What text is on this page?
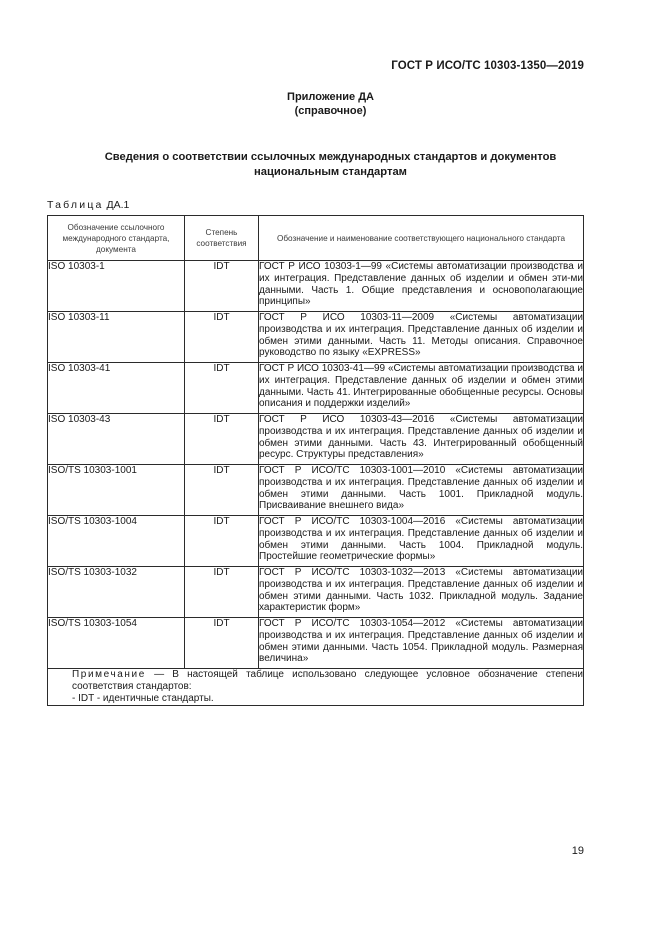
ГОСТ Р ИСО/ТС 10303-1350—2019
Приложение ДА
(справочное)
Сведения о соответствии ссылочных международных стандартов и документов
национальным стандартам
Таблица ДА.1
Обозначение ссылочного международного стандарта, документа	Степень соответствия	Обозначение и наименование соответствующего национального стандарта
ISO 10303-1	IDT	ГОСТ Р ИСО 10303-1—99 «Системы автоматизации производства и их интеграция. Представление данных об изделии и обмен эти-ми данными. Часть 1. Общие представления и основополагающие принципы»
ISO 10303-11	IDT	ГОСТ Р ИСО 10303-11—2009 «Системы автоматизации производства и их интеграция. Представление данных об изделии и обмен этими данными. Часть 11. Методы описания. Справочное руководство по языку «EXPRESS»
ISO 10303-41	IDT	ГОСТ Р ИСО 10303-41—99 «Системы автоматизации производства и их интеграция. Представление данных об изделии и обмен этими данными. Часть 41. Интегрированные обобщенные ресурсы. Основы описания и поддержки изделий»
ISO 10303-43	IDT	ГОСТ Р ИСО 10303-43—2016 «Системы автоматизации производства и их интеграция. Представление данных об изделии и обмен этими данными. Часть 43. Интегрированный обобщенный ресурс. Структуры представления»
ISO/TS 10303-1001	IDT	ГОСТ Р ИСО/ТС 10303-1001—2010 «Системы автоматизации производства и их интеграция. Представление данных об изделии и обмен этими данными. Часть 1001. Прикладной модуль. Присваивание внешнего вида»
ISO/TS 10303-1004	IDT	ГОСТ Р ИСО/ТС 10303-1004—2016 «Системы автоматизации производства и их интеграция. Представление данных об изделии и обмен этими данными. Часть 1004. Прикладной модуль. Простейшие геометрические формы»
ISO/TS 10303-1032	IDT	ГОСТ Р ИСО/ТС 10303-1032—2013 «Системы автоматизации производства и их интеграция. Представление данных об изделии и обмен этими данными. Часть 1032. Прикладной модуль. Задание характеристик форм»
ISO/TS 10303-1054	IDT	ГОСТ Р ИСО/ТС 10303-1054—2012 «Системы автоматизации производства и их интеграция. Представление данных об изделии и обмен этими данными. Часть 1054. Прикладной модуль. Размерная величина»

Примечание — В настоящей таблице использовано следующее условное обозначение степени соответствия стандартов:
- IDT - идентичные стандарты.		
19
